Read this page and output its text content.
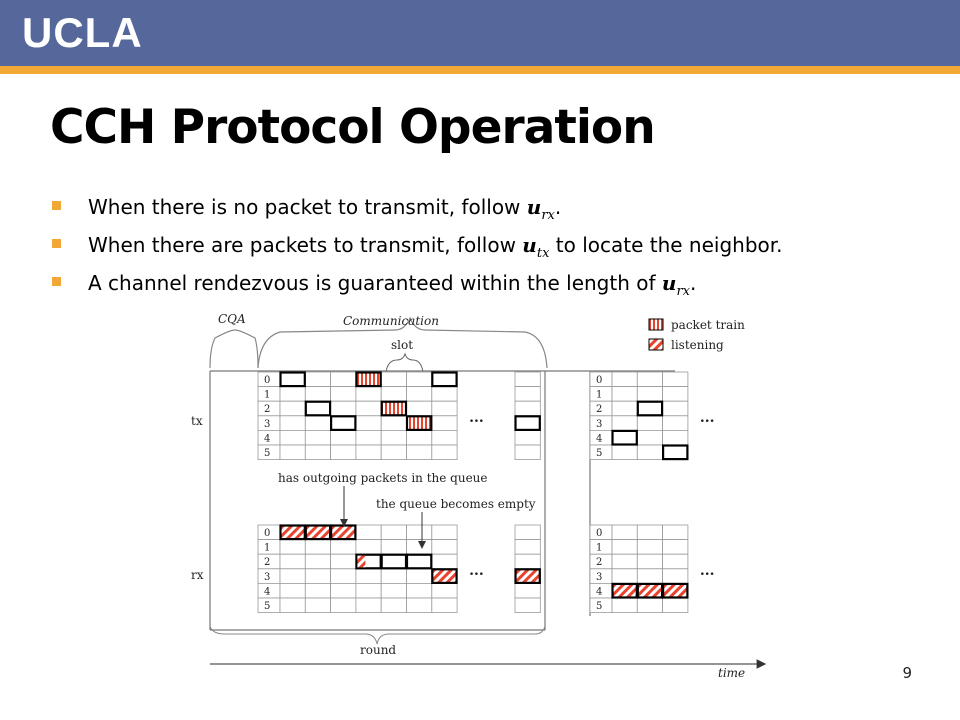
UCLA
CCH Protocol Operation
When there is no packet to transmit, follow $u_{rx}$.
When there are packets to transmit, follow $u_{tx}$ to locate the neighbor.
A channel rendezvous is guaranteed within the length of $u_{rx}$.
CQA	Communication
slot
packet train
listening
tx
rx
0
1
2
3
4
5
...
0
1
2
3
4
5
...
0
1
2
3
4
5
...
0
1
2
3
4
5
...
has outgoing packets in the queue
the queue becomes empty
round
time	9
